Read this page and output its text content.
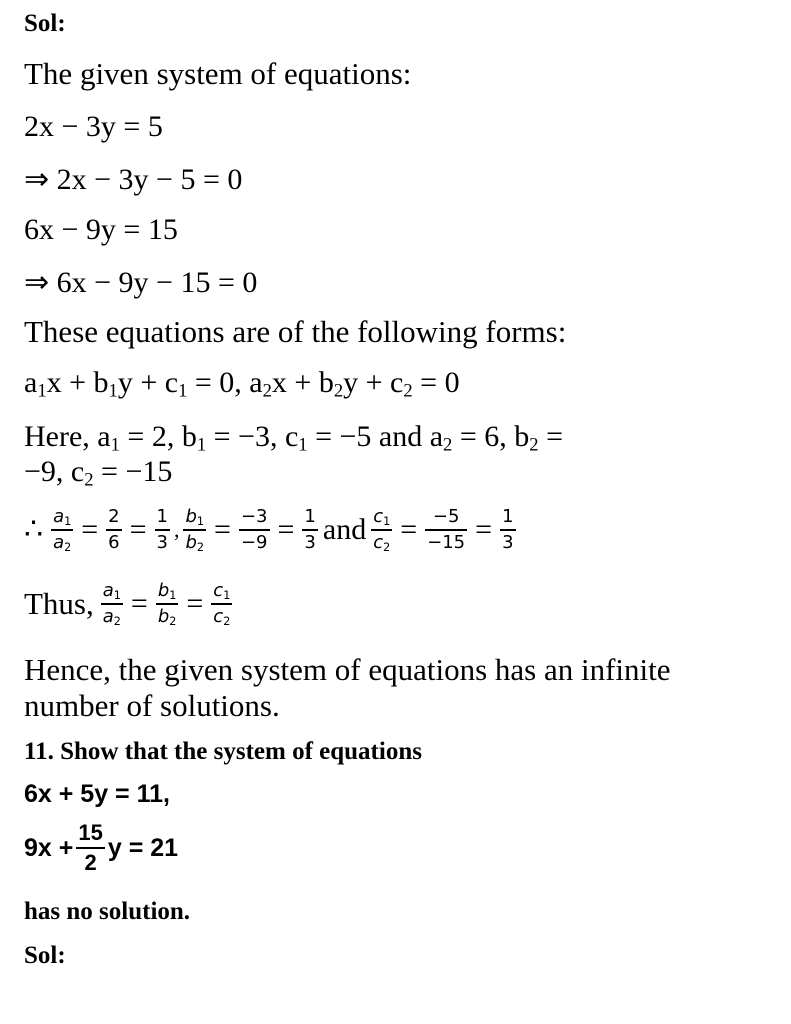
Sol:
The given system of equations:
2x − 3y = 5
⇒ 2x − 3y − 5 = 0
6x − 9y = 15
⇒ 6x − 9y − 15 = 0
These equations are of the following forms:
$a_1x + b_1y + c_1 = 0$, $a_2x + b_2y + c_2 = 0$
Here, $a_1 = 2$, $b_1 = -3$, $c_1 = -5$ and $a_2 = 6$, $b_2$ =
−9, $c_2 = -15$
∴ $\frac{a_1}{a_2} = \frac{2}{6} = \frac{1}{3}$ , $\frac{b_1}{b_2} = \frac{-3}{-9} = \frac{1}{3}$ and $\frac{c_1}{c_2} = \frac{-5}{-15} = \frac{1}{3}$
Thus, $\frac{a_1}{a_2} = \frac{b_1}{b_2} = \frac{c_1}{c_2}$
Hence, the given system of equations has an infinite
number of solutions.
11. Show that the system of equations
6x + 5y = 11,
$9x + \frac{15}{2}$ y = 21
has no solution.
Sol:
